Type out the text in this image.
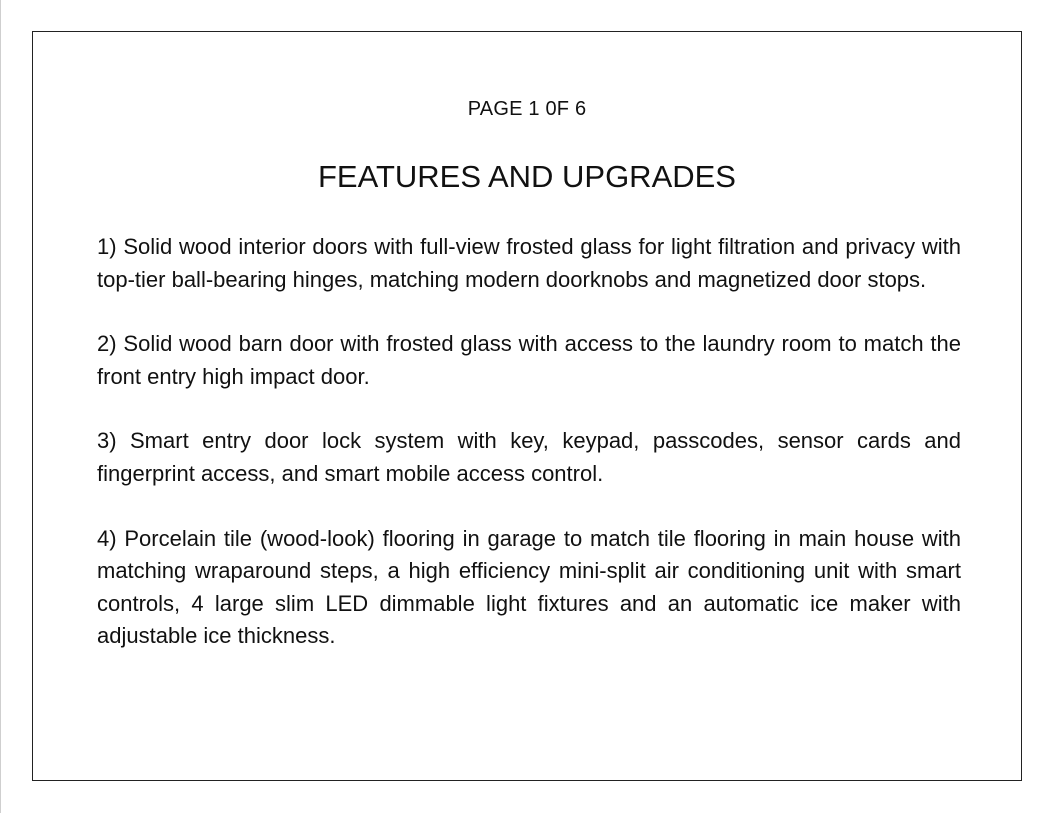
PAGE 1 0F 6
FEATURES AND UPGRADES
1) Solid wood interior doors with full-view frosted glass for light filtration and privacy with top-tier ball-bearing hinges, matching modern doorknobs and magnetized door stops.
2) Solid wood barn door with frosted glass with access to the laundry room to match the front entry high impact door.
3) Smart entry door lock system with key, keypad, passcodes, sensor cards and fingerprint access, and smart mobile access control.
4) Porcelain tile (wood-look) flooring in garage to match tile flooring in main house with matching wraparound steps, a high efficiency mini-split air conditioning unit with smart controls, 4 large slim LED dimmable light fixtures and an automatic ice maker with adjustable ice thickness.
